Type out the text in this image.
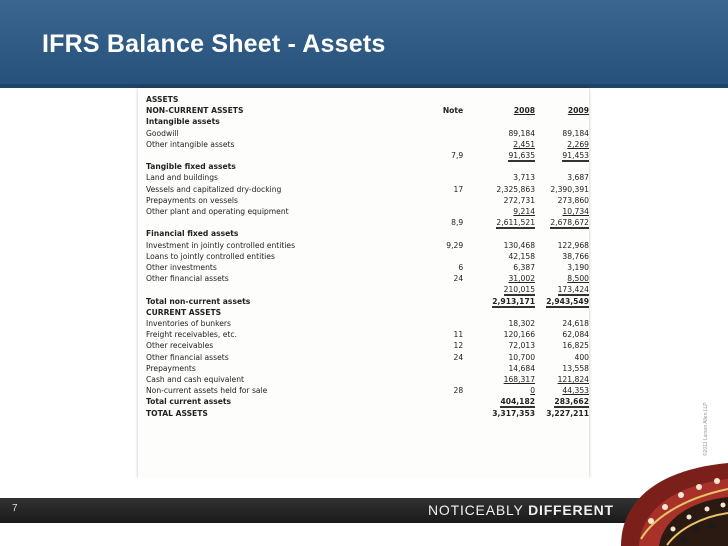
IFRS Balance Sheet - Assets
ASSETS			
NON-CURRENT ASSETS	Note	2008	2009
Intangible assets			
Goodwill		89,184	89,184
Other intangible assets		2,451	2,269
	7,9	91,635	91,453
Tangible fixed assets			
Land and buildings		3,713	3,687
Vessels and capitalized dry-docking	17	2,325,863	2,390,391
Prepayments on vessels		272,731	273,860
Other plant and operating equipment		9,214	10,734
	8,9	2,611,521	2,678,672
Financial fixed assets			
Investment in jointly controlled entities	9,29	130,468	122,968
Loans to jointly controlled entities		42,158	38,766
Other investments	6	6,387	3,190
Other financial assets	24	31,002	8,500
		210,015	173,424
Total non-current assets		2,913,171	2,943,549
CURRENT ASSETS			
Inventories of bunkers		18,302	24,618
Freight receivables, etc.	11	120,166	62,084
Other receivables	12	72,013	16,825
Other financial assets	24	10,700	400
Prepayments		14,684	13,558
Cash and cash equivalent		168,317	121,824
Non-current assets held for sale	28	0	44,353
Total current assets		404,182	283,662
TOTAL ASSETS		3,317,353	3,227,211
7	NOTICEABLY DIFFERENT
©2011 Larson Allen LLP
